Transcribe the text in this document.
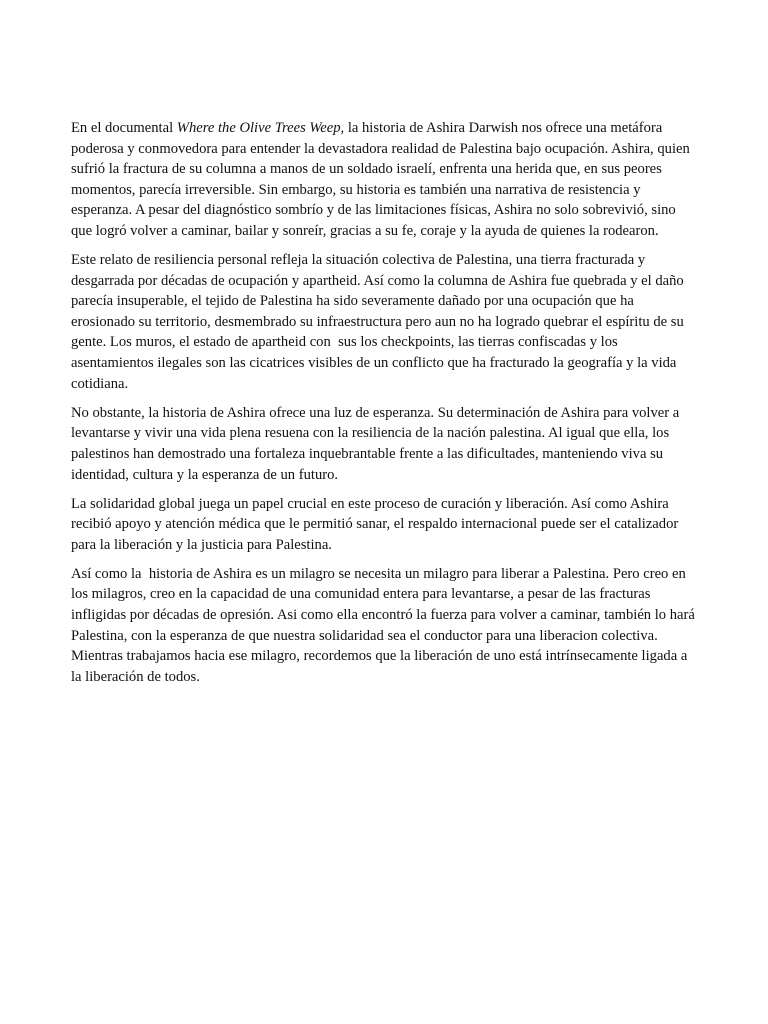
En el documental Where the Olive Trees Weep, la historia de Ashira Darwish nos ofrece una metáfora poderosa y conmovedora para entender la devastadora realidad de Palestina bajo ocupación. Ashira, quien sufrió la fractura de su columna a manos de un soldado israelí, enfrenta una herida que, en sus peores momentos, parecía irreversible. Sin embargo, su historia es también una narrativa de resistencia y esperanza. A pesar del diagnóstico sombrío y de las limitaciones físicas, Ashira no solo sobrevivió, sino que logró volver a caminar, bailar y sonreír, gracias a su fe, coraje y la ayuda de quienes la rodearon.

Este relato de resiliencia personal refleja la situación colectiva de Palestina, una tierra fracturada y desgarrada por décadas de ocupación y apartheid. Así como la columna de Ashira fue quebrada y el daño parecía insuperable, el tejido de Palestina ha sido severamente dañado por una ocupación que ha erosionado su territorio, desmembrado su infraestructura pero aun no ha logrado quebrar el espíritu de su gente. Los muros, el estado de apartheid con  sus los checkpoints, las tierras confiscadas y los asentamientos ilegales son las cicatrices visibles de un conflicto que ha fracturado la geografía y la vida cotidiana.

No obstante, la historia de Ashira ofrece una luz de esperanza. Su determinación de Ashira para volver a levantarse y vivir una vida plena resuena con la resiliencia de la nación palestina. Al igual que ella, los palestinos han demostrado una fortaleza inquebrantable frente a las dificultades, manteniendo viva su identidad, cultura y la esperanza de un futuro.

La solidaridad global juega un papel crucial en este proceso de curación y liberación. Así como Ashira recibió apoyo y atención médica que le permitió sanar, el respaldo internacional puede ser el catalizador para la liberación y la justicia para Palestina.

Así como la  historia de Ashira es un milagro se necesita un milagro para liberar a Palestina. Pero creo en los milagros, creo en la capacidad de una comunidad entera para levantarse, a pesar de las fracturas infligidas por décadas de opresión. Asi como ella encontró la fuerza para volver a caminar, también lo hará Palestina, con la esperanza de que nuestra solidaridad sea el conductor para una liberacion colectiva. Mientras trabajamos hacia ese milagro, recordemos que la liberación de uno está intrínsecamente ligada a la liberación de todos.
